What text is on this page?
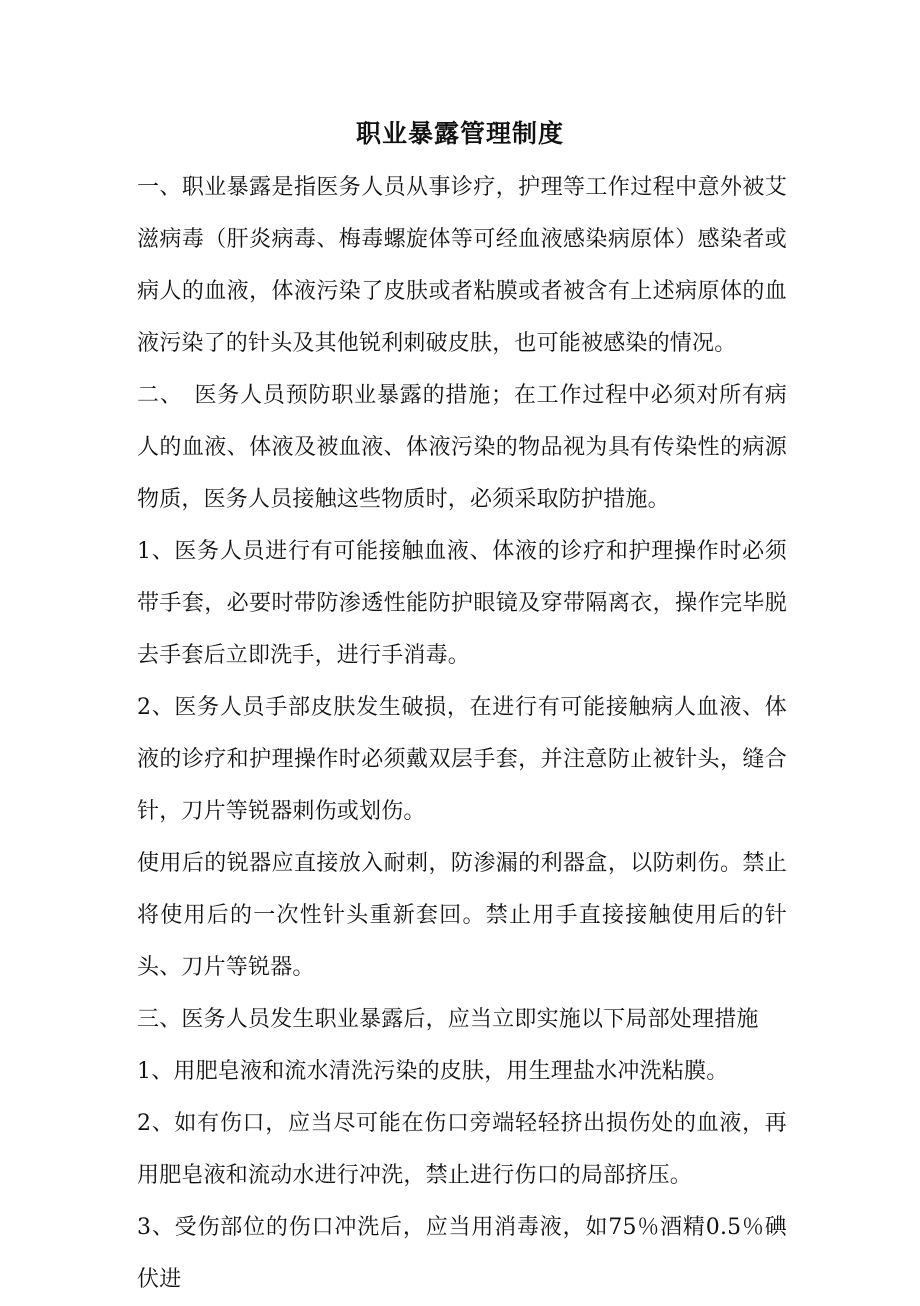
职业暴露管理制度

一、职业暴露是指医务人员从事诊疗，护理等工作过程中意外被艾滋病毒（肝炎病毒、梅毒螺旋体等可经血液感染病原体）感染者或病人的血液，体液污染了皮肤或者粘膜或者被含有上述病原体的血液污染了的针头及其他锐利刺破皮肤，也可能被感染的情况。

二、　医务人员预防职业暴露的措施；在工作过程中必须对所有病人的血液、体液及被血液、体液污染的物品视为具有传染性的病源物质，医务人员接触这些物质时，必须采取防护措施。

1、医务人员进行有可能接触血液、体液的诊疗和护理操作时必须带手套，必要时带防渗透性能防护眼镜及穿带隔离衣，操作完毕脱去手套后立即洗手，进行手消毒。

2、医务人员手部皮肤发生破损，在进行有可能接触病人血液、体液的诊疗和护理操作时必须戴双层手套，并注意防止被针头，缝合针，刀片等锐器刺伤或划伤。

使用后的锐器应直接放入耐刺，防渗漏的利器盒，以防刺伤。禁止将使用后的一次性针头重新套回。禁止用手直接接触使用后的针头、刀片等锐器。

三、医务人员发生职业暴露后，应当立即实施以下局部处理措施

1、用肥皂液和流水清洗污染的皮肤，用生理盐水冲洗粘膜。

2、如有伤口，应当尽可能在伤口旁端轻轻挤出损伤处的血液，再用肥皂液和流动水进行冲洗，禁止进行伤口的局部挤压。

3、受伤部位的伤口冲洗后，应当用消毒液，如75％酒精0.5％碘伏进
